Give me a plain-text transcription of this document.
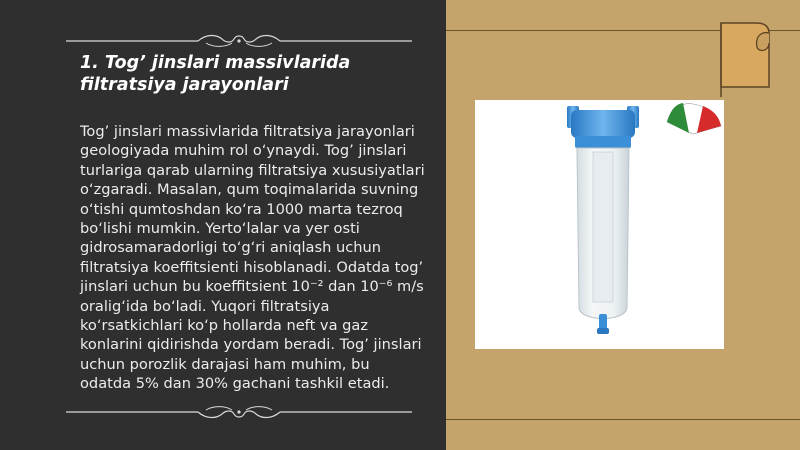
1. Tog’ jinslari massivlarida filtratsiya jarayonlari

Tog’ jinslari massivlarida filtratsiya jarayonlari geologiyada muhim rol o‘ynaydi. Tog’ jinslari turlariga qarab ularning filtratsiya xususiyatlari o‘zgaradi. Masalan, qum toqimalarida suvning o‘tishi qumtoshdan ko‘ra 1000 marta tezroq bo‘lishi mumkin. Yerto‘lalar va yer osti gidrosamaradorligi to‘g‘ri aniqlash uchun filtratsiya koeffitsienti hisoblanadi. Odatda tog’ jinslari uchun bu koeffitsient 10⁻² dan 10⁻⁶ m/s oralig‘ida bo‘ladi. Yuqori filtratsiya ko‘rsatkichlari ko‘p hollarda neft va gaz konlarini qidirishda yordam beradi. Tog’ jinslari uchun porozlik darajasi ham muhim, bu odatda 5% dan 30% gachani tashkil etadi.
